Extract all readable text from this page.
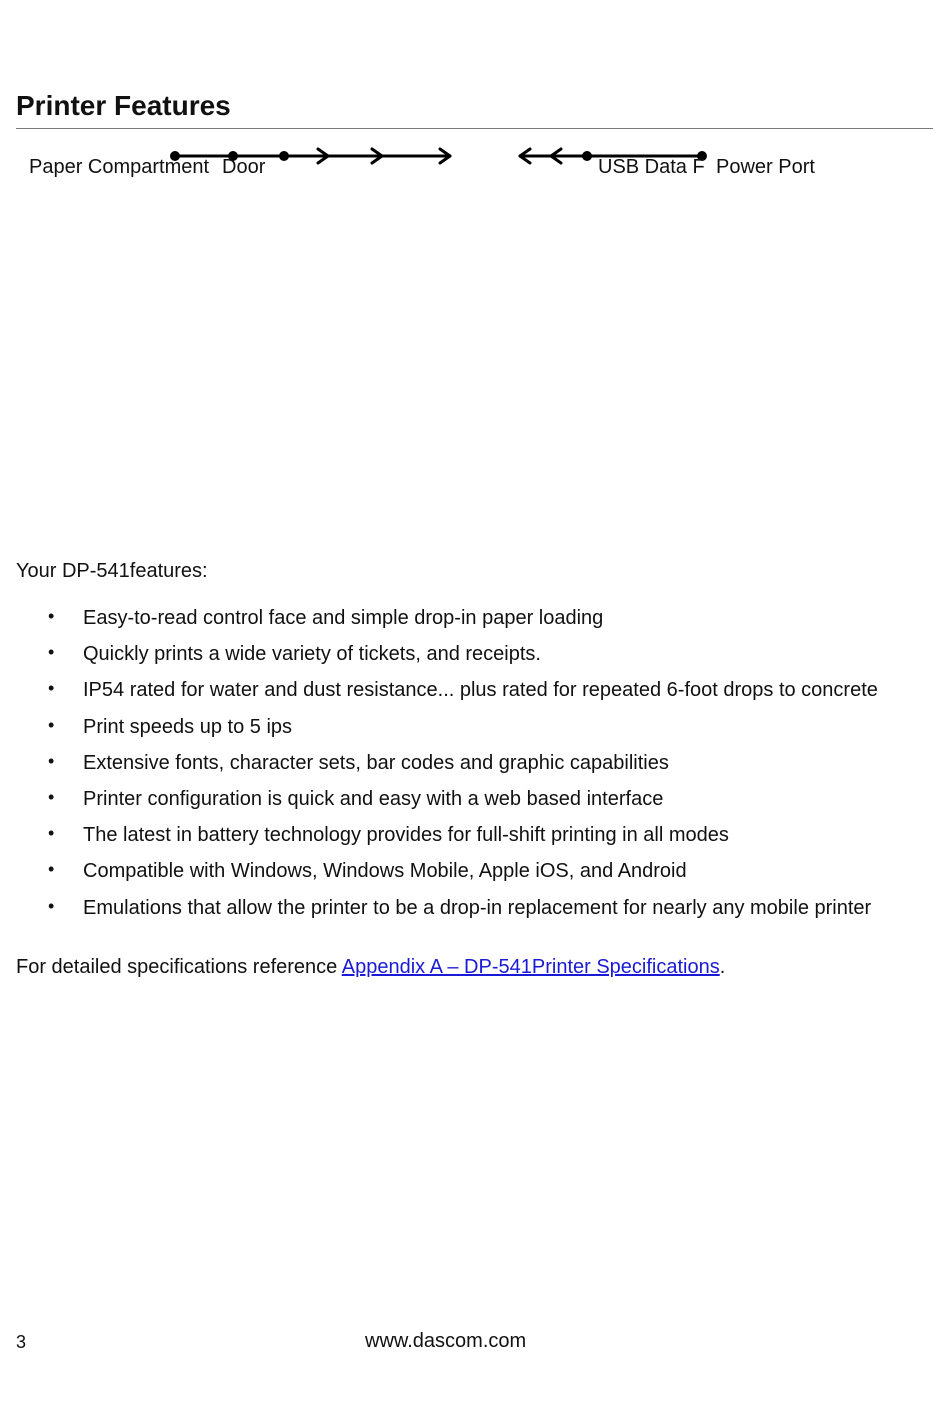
Printer Features
Paper Compartment Door	USB Data F Power Port

Your DP-541features:

• Easy-to-read control face and simple drop-in paper loading
• Quickly prints a wide variety of tickets, and receipts.
• IP54 rated for water and dust resistance... plus rated for repeated 6-foot drops to concrete
• Print speeds up to 5 ips
• Extensive fonts, character sets, bar codes and graphic capabilities
• Printer configuration is quick and easy with a web based interface
• The latest in battery technology provides for full-shift printing in all modes
• Compatible with Windows, Windows Mobile, Apple iOS, and Android
• Emulations that allow the printer to be a drop-in replacement for nearly any mobile printer

For detailed specifications reference Appendix A – DP-541Printer Specifications.

3	www.dascom.com
